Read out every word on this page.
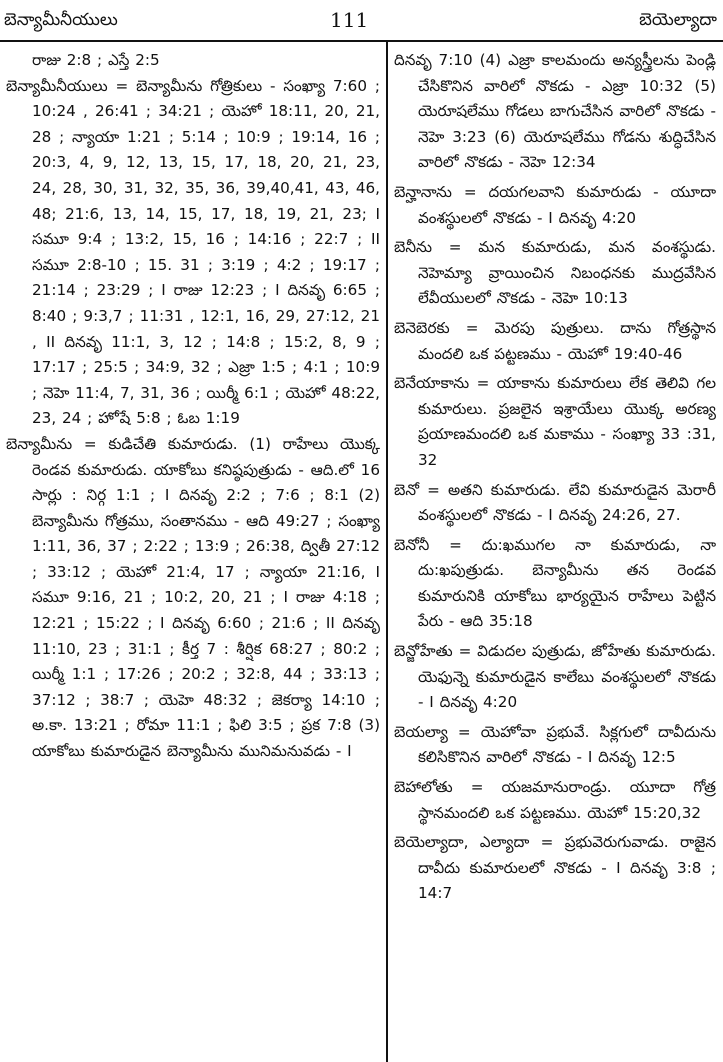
బెన్యామీనీయులు	111	బెయెల్యాదా

రాజు 2:8 ; ఎస్తే 2:5

బెన్యామీనీయులు = బెన్యామీను గోత్రికులు - సంఖ్యా 7:60 ; 10:24 , 26:41 ; 34:21 ; యెహో 18:11, 20, 21, 28 ; న్యాయా 1:21 ; 5:14 ; 10:9 ; 19:14, 16 ; 20:3, 4, 9, 12, 13, 15, 17, 18, 20, 21, 23, 24, 28, 30, 31, 32, 35, 36, 39,40,41, 43, 46, 48; 21:6, 13, 14, 15, 17, 18, 19, 21, 23; I సమూ 9:4 ; 13:2, 15, 16 ; 14:16 ; 22:7 ; II సమూ 2:8-10 ; 15. 31 ; 3:19 ; 4:2 ; 19:17 ; 21:14 ; 23:29 ; I రాజు 12:23 ; I దినవృ 6:65 ; 8:40 ; 9:3,7 ; 11:31 , 12:1, 16, 29, 27:12, 21 , II దినవృ 11:1, 3, 12 ; 14:8 ; 15:2, 8, 9 ; 17:17 ; 25:5 ; 34:9, 32 ; ఎజ్రా 1:5 ; 4:1 ; 10:9 ; నెహె 11:4, 7, 31, 36 ; యిర్మీ 6:1 ; యెహో 48:22, 23, 24 ; హోషే 5:8 ; ఓబ 1:19

బెన్యామీను = కుడిచేతి కుమారుడు. (1) రాహేలు యొక్క రెండవ కుమారుడు. యాకోబు కనిష్ఠపుత్రుడు - ఆది.లో 16 సార్లు : నిర్గ 1:1 ; I దినవృ 2:2 ; 7:6 ; 8:1 (2) బెన్యామీను గోత్రము, సంతానము - ఆది 49:27 ; సంఖ్యా 1:11, 36, 37 ; 2:22 ; 13:9 ; 26:38, ద్వితీ 27:12 ; 33:12 ; యెహో 21:4, 17 ; న్యాయా 21:16, I సమూ 9:16, 21 ; 10:2, 20, 21 ; I రాజు 4:18 ; 12:21 ; 15:22 ; I దినవృ 6:60 ; 21:6 ; II దినవృ 11:10, 23 ; 31:1 ; కీర్త 7 : శీర్షిక 68:27 ; 80:2 ; యిర్మీ 1:1 ; 17:26 ; 20:2 ; 32:8, 44 ; 33:13 ; 37:12 ; 38:7 ; యెహె 48:32 ; జెకర్యా 14:10 ; అ.కా. 13:21 ; రోమా 11:1 ; ఫిలి 3:5 ; ప్రక 7:8 (3) యాకోబు కుమారుడైన బెన్యామీను మునిమనువడు - I

దినవృ 7:10 (4) ఎజ్రా కాలమందు అన్యస్త్రీలను పెండ్లి చేసికొనిన వారిలో నొకడు - ఎజ్రా 10:32 (5) యెరూషలేము గోడలు బాగుచేసిన వారిలో నొకడు - నెహె 3:23 (6) యెరూషలేము గోడను శుద్ధిచేసిన వారిలో నొకడు - నెహె 12:34

బెన్హానాను = దయగలవాని కుమారుడు - యూదా వంశస్థులలో నొకడు - I దినవృ 4:20

బెనీను = మన కుమారుడు, మన వంశస్థుడు. నెహెమ్యా వ్రాయించిన నిబంధనకు ముద్రవేసిన లేవీయులలో నొకడు - నెహె 10:13

బెనెబెరకు = మెరపు పుత్రులు. దాను గోత్రస్థాన మందలి ఒక పట్టణము - యెహో 19:40-46

బెనేయాకాను = యాకాను కుమారులు లేక తెలివి గల కుమారులు. ప్రజలైన ఇశ్రాయేలు యొక్క అరణ్య ప్రయాణమందలి ఒక మకాము - సంఖ్యా 33 :31, 32

బెనో = అతని కుమారుడు. లేవి కుమారుడైన మెరారీ వంశస్థులలో నొకడు - I దినవృ 24:26, 27.

బెనోనీ = దు:ఖముగల నా కుమారుడు, నా దు:ఖపుత్రుడు. బెన్యామీను తన రెండవ కుమారునికి యాకోబు భార్యయైన రాహేలు పెట్టిన పేరు - ఆది 35:18

బెన్జోహేతు = విడుదల పుత్రుడు, జోహేతు కుమారుడు. యెఫున్నె కుమారుడైన కాలేబు వంశస్థులలో నొకడు - I దినవృ 4:20

బెయల్యా = యెహోవా ప్రభువే. సిక్లగులో దావీదును కలిసికొనిన వారిలో నొకడు - I దినవృ 12:5

బెహాలోతు = యజమానురాండ్రు. యూదా గోత్ర స్థానమందలి ఒక పట్టణము. యెహో 15:20,32

బెయెల్యాదా, ఎల్యాదా = ప్రభువెరుగువాడు. రాజైన దావీదు కుమారులలో నొకడు - I దినవృ 3:8 ; 14:7
